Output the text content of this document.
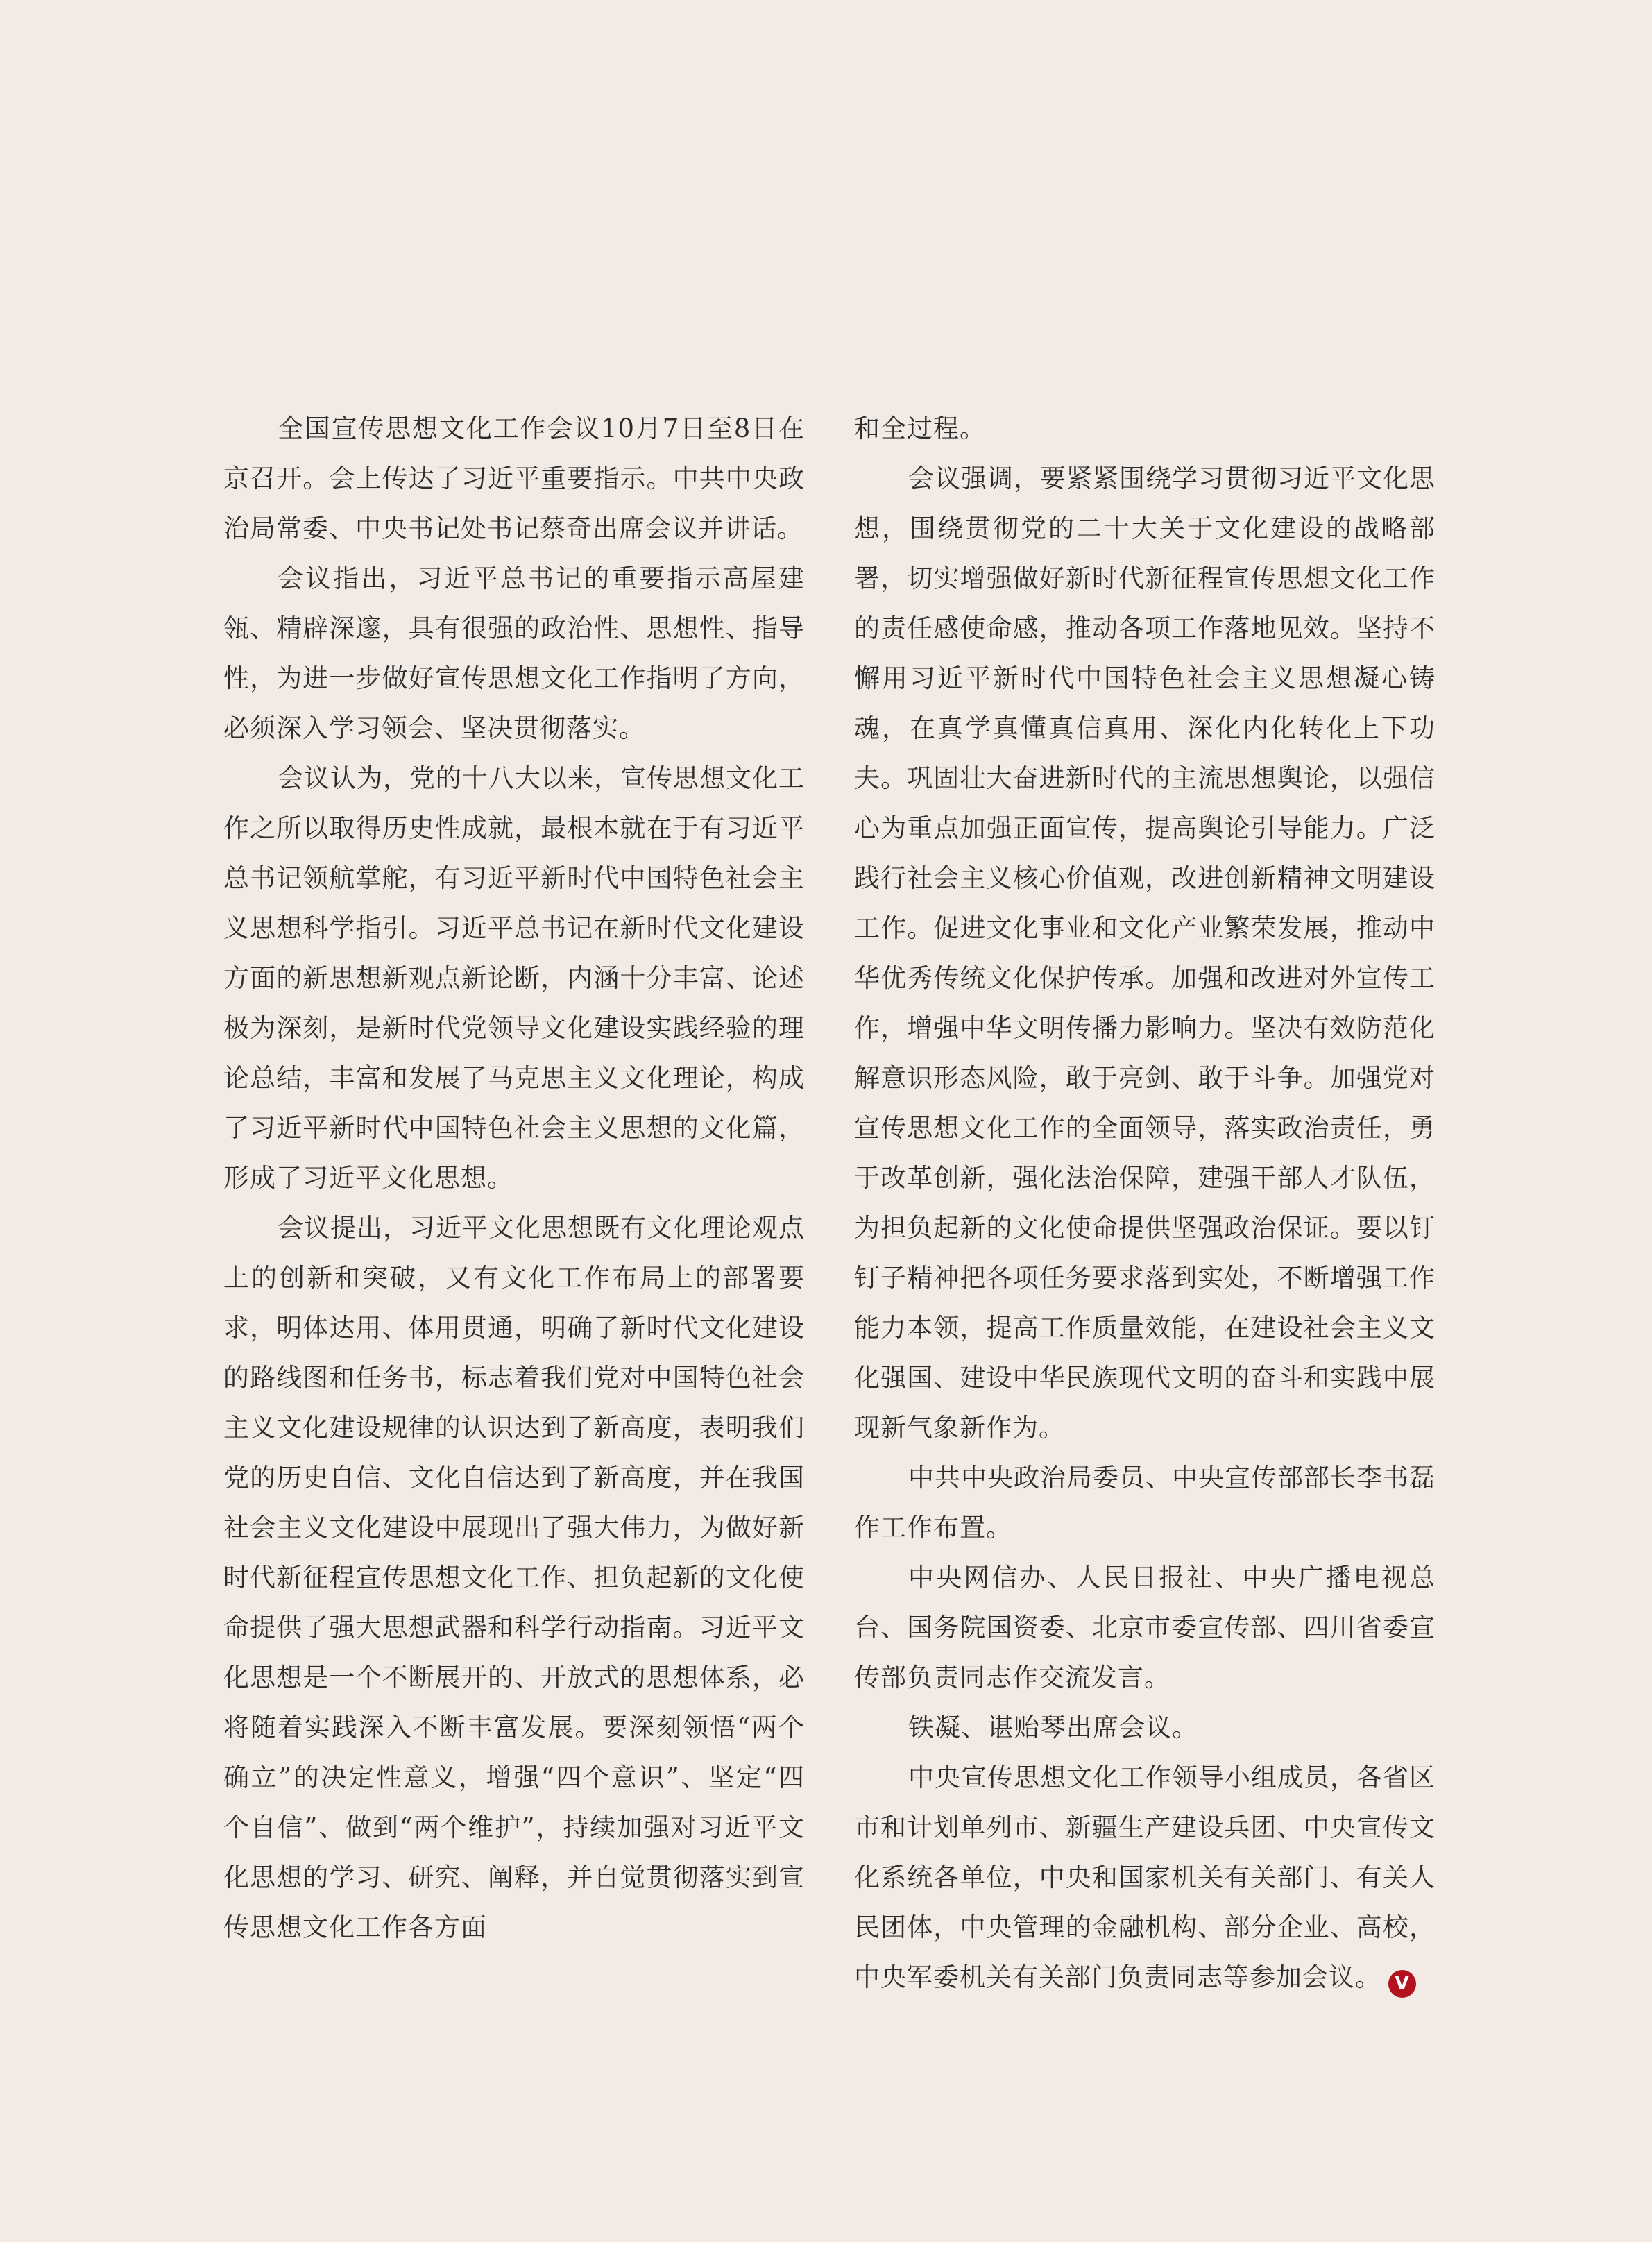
全国宣传思想文化工作会议10月7日至8日在京召开。会上传达了习近平重要指示。中共中央政治局常委、中央书记处书记蔡奇出席会议并讲话。

会议指出，习近平总书记的重要指示高屋建瓴、精辟深邃，具有很强的政治性、思想性、指导性，为进一步做好宣传思想文化工作指明了方向，必须深入学习领会、坚决贯彻落实。

会议认为，党的十八大以来，宣传思想文化工作之所以取得历史性成就，最根本就在于有习近平总书记领航掌舵，有习近平新时代中国特色社会主义思想科学指引。习近平总书记在新时代文化建设方面的新思想新观点新论断，内涵十分丰富、论述极为深刻，是新时代党领导文化建设实践经验的理论总结，丰富和发展了马克思主义文化理论，构成了习近平新时代中国特色社会主义思想的文化篇，形成了习近平文化思想。

会议提出，习近平文化思想既有文化理论观点上的创新和突破，又有文化工作布局上的部署要求，明体达用、体用贯通，明确了新时代文化建设的路线图和任务书，标志着我们党对中国特色社会主义文化建设规律的认识达到了新高度，表明我们党的历史自信、文化自信达到了新高度，并在我国社会主义文化建设中展现出了强大伟力，为做好新时代新征程宣传思想文化工作、担负起新的文化使命提供了强大思想武器和科学行动指南。习近平文化思想是一个不断展开的、开放式的思想体系，必将随着实践深入不断丰富发展。要深刻领悟“两个确立”的决定性意义，增强“四个意识”、坚定“四个自信”、做到“两个维护”，持续加强对习近平文化思想的学习、研究、阐释，并自觉贯彻落实到宣传思想文化工作各方面

和全过程。

会议强调，要紧紧围绕学习贯彻习近平文化思想，围绕贯彻党的二十大关于文化建设的战略部署，切实增强做好新时代新征程宣传思想文化工作的责任感使命感，推动各项工作落地见效。坚持不懈用习近平新时代中国特色社会主义思想凝心铸魂，在真学真懂真信真用、深化内化转化上下功夫。巩固壮大奋进新时代的主流思想舆论，以强信心为重点加强正面宣传，提高舆论引导能力。广泛践行社会主义核心价值观，改进创新精神文明建设工作。促进文化事业和文化产业繁荣发展，推动中华优秀传统文化保护传承。加强和改进对外宣传工作，增强中华文明传播力影响力。坚决有效防范化解意识形态风险，敢于亮剑、敢于斗争。加强党对宣传思想文化工作的全面领导，落实政治责任，勇于改革创新，强化法治保障，建强干部人才队伍，为担负起新的文化使命提供坚强政治保证。要以钉钉子精神把各项任务要求落到实处，不断增强工作能力本领，提高工作质量效能，在建设社会主义文化强国、建设中华民族现代文明的奋斗和实践中展现新气象新作为。

中共中央政治局委员、中央宣传部部长李书磊作工作布置。

中央网信办、人民日报社、中央广播电视总台、国务院国资委、北京市委宣传部、四川省委宣传部负责同志作交流发言。

铁凝、谌贻琴出席会议。

中央宣传思想文化工作领导小组成员，各省区市和计划单列市、新疆生产建设兵团、中央宣传文化系统各单位，中央和国家机关有关部门、有关人民团体，中央管理的金融机构、部分企业、高校，中央军委机关有关部门负责同志等参加会议。 V
